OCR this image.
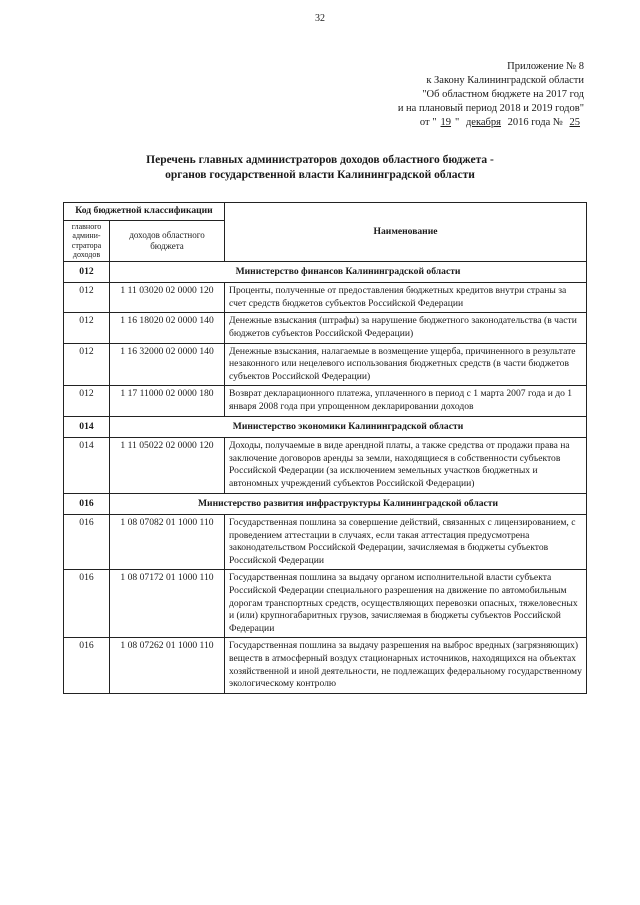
32
Приложение № 8
к Закону Калининградской области
"Об областном бюджете на 2017 год
и на плановый период 2018 и 2019 годов"
от " 19 " декабря 2016 года № 25
Перечень главных администраторов доходов областного бюджета -
органов государственной власти Калининградской области
Код бюджетной классификации		Наименование
главного админи-стратора доходов	доходов областного бюджета	
012	Министерство финансов Калининградской области	
012	1 11 03020 02 0000 120	Проценты, полученные от предоставления бюджетных кредитов внутри страны за счет средств бюджетов субъектов Российской Федерации
012	1 16 18020 02 0000 140	Денежные взыскания (штрафы) за нарушение бюджетного законодательства (в части бюджетов субъектов Российской Федерации)
012	1 16 32000 02 0000 140	Денежные взыскания, налагаемые в возмещение ущерба, причиненного в результате незаконного или нецелевого использования бюджетных средств (в части бюджетов субъектов Российской Федерации)
012	1 17 11000 02 0000 180	Возврат декларационного платежа, уплаченного в период с 1 марта 2007 года и до 1 января 2008 года при упрощенном декларировании доходов
014	Министерство экономики Калининградской области	
014	1 11 05022 02 0000 120	Доходы, получаемые в виде арендной платы, а также средства от продажи права на заключение договоров аренды за земли, находящиеся в собственности субъектов Российской Федерации (за исключением земельных участков бюджетных и автономных учреждений субъектов Российской Федерации)
016	Министерство развития инфраструктуры Калининградской области	
016	1 08 07082 01 1000 110	Государственная пошлина за совершение действий, связанных с лицензированием, с проведением аттестации в случаях, если такая аттестация предусмотрена законодательством Российской Федерации, зачисляемая в бюджеты субъектов Российской Федерации
016	1 08 07172 01 1000 110	Государственная пошлина за выдачу органом исполнительной власти субъекта Российской Федерации специального разрешения на движение по автомобильным дорогам транспортных средств, осуществляющих перевозки опасных, тяжеловесных и (или) крупногабаритных грузов, зачисляемая в бюджеты субъектов Российской Федерации
016	1 08 07262 01 1000 110	Государственная пошлина за выдачу разрешения на выброс вредных (загрязняющих) веществ в атмосферный воздух стационарных источников, находящихся на объектах хозяйственной и иной деятельности, не подлежащих федеральному государственному экологическому контролю
